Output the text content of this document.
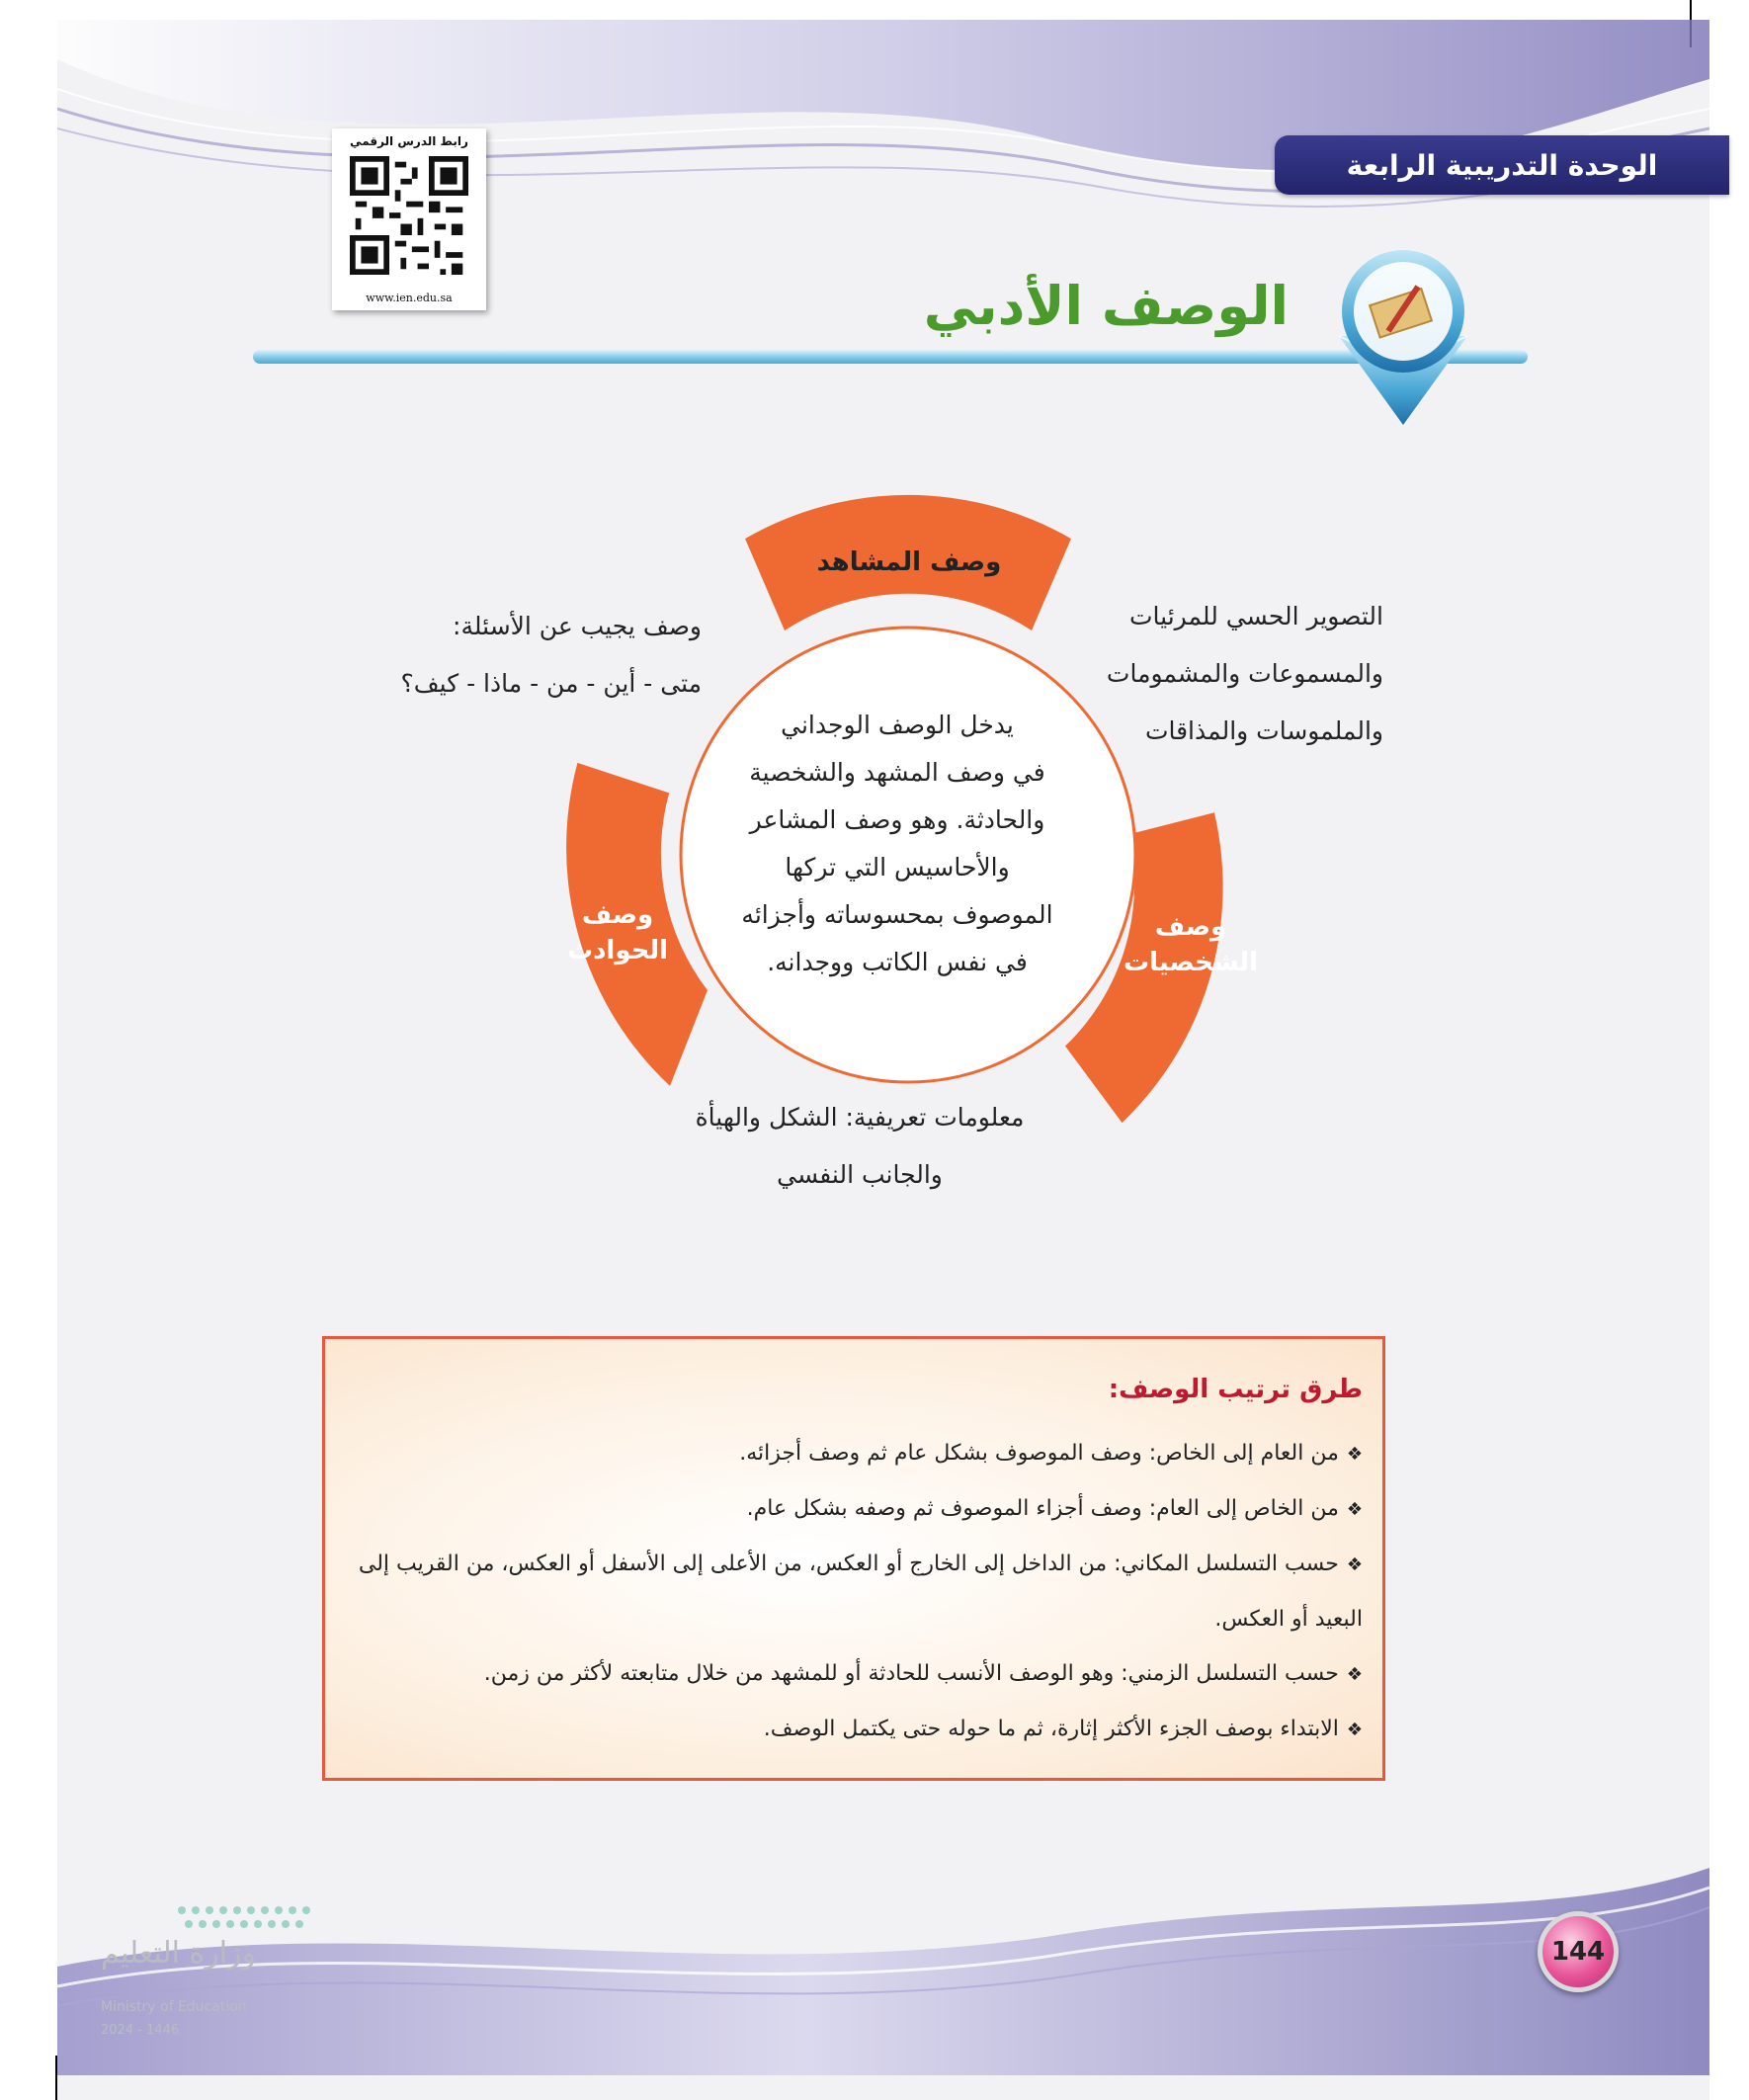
الوحدة التدريبية الرابعة
رابط الدرس الرقمي
www.ien.edu.sa	الوصف الأدبي
وصف المشاهد
وصف
الشخصيات
وصف
الحوادث
يدخل الوصف الوجداني
في وصف المشهد والشخصية
والحادثة. وهو وصف المشاعر
والأحاسيس التي تركها
الموصوف بمحسوساته وأجزائه
في نفس الكاتب ووجدانه.
التصوير الحسي للمرئيات
والمسموعات والمشمومات
والملموسات والمذاقات
وصف يجيب عن الأسئلة:
متى - أين - من - ماذا - كيف؟
معلومات تعريفية: الشكل والهيأة
والجانب النفسي
طرق ترتيب الوصف:
❖من العام إلى الخاص: وصف الموصوف بشكل عام ثم وصف أجزائه.
❖من الخاص إلى العام: وصف أجزاء الموصوف ثم وصفه بشكل عام.
❖حسب التسلسل المكاني: من الداخل إلى الخارج أو العكس، من الأعلى إلى الأسفل أو العكس، من القريب إلى البعيد أو العكس.
❖حسب التسلسل الزمني: وهو الوصف الأنسب للحادثة أو للمشهد من خلال متابعته لأكثر من زمن.
❖الابتداء بوصف الجزء الأكثر إثارة، ثم ما حوله حتى يكتمل الوصف.
وزارة التعليم
Ministry of Education
2024 - 1446
144
